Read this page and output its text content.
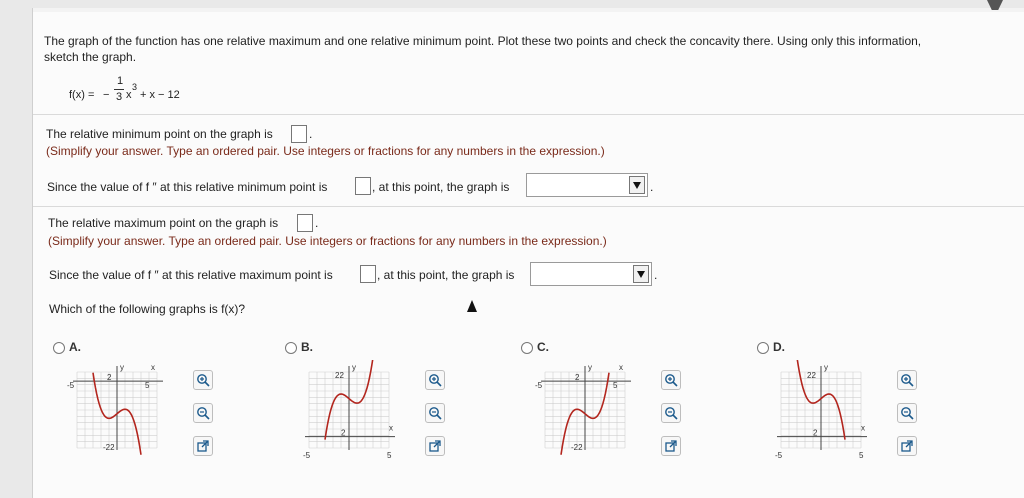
The graph of the function has one relative maximum and one relative minimum point. Plot these two points and check the concavity there. Using only this information,
sketch the graph.
f(x) = −
1
3 x
3
+ x − 12
The relative minimum point on the graph is	.
(Simplify your answer. Type an ordered pair. Use integers or fractions for any numbers in the expression.)
Since the value of f ″ at this relative minimum point is	, at this point, the graph is	.
The relative maximum point on the graph is	.
(Simplify your answer. Type an ordered pair. Use integers or fractions for any numbers in the expression.)
Since the value of f ″ at this relative maximum point is	, at this point, the graph is	.
Which of the following graphs is f(x)?
A.
-5	5
2
-22
x
y
B.
-5	5
22
2
x
y
C.
-5	5
2
-22
x
y
D.
-5	5
22
2
x
y
